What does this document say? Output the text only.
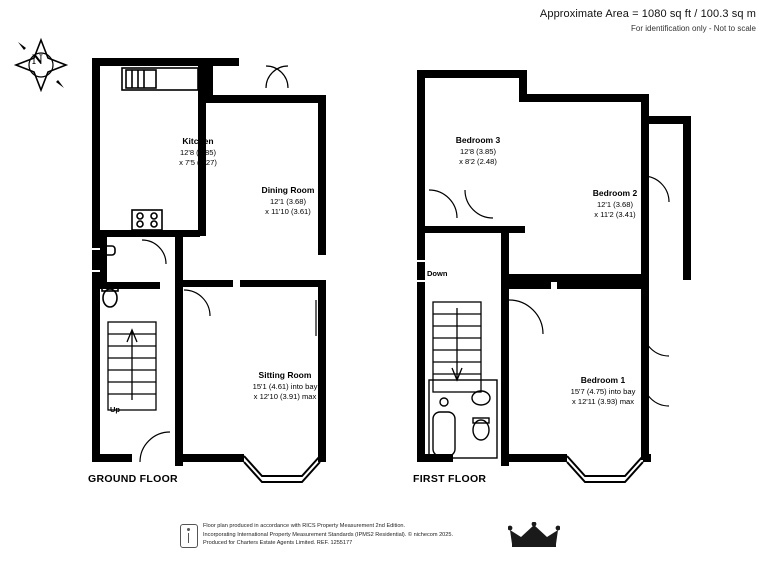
Approximate Area = 1080 sq ft / 100.3 sq m
For identification only - Not to scale
N
Kitchen
12'8 (3.85)
x 7'5 (2.27)
Dining Room
12'1 (3.68)
x 11'10 (3.61)
Sitting Room
15'1 (4.61) into bay
x 12'10 (3.91) max
Up
GROUND FLOOR
Bedroom 3
12'8 (3.85)
x 8'2 (2.48)
Bedroom 2
12'1 (3.68)
x 11'2 (3.41)
Bedroom 1
15'7 (4.75) into bay
x 12'11 (3.93) max
Down
FIRST FLOOR
Floor plan produced in accordance with RICS Property Measurement 2nd Edition.
Incorporating International Property Measurement Standards (IPMS2 Residential). © nichecom 2025.
Produced for Charters Estate Agents Limited. REF. 1255177
